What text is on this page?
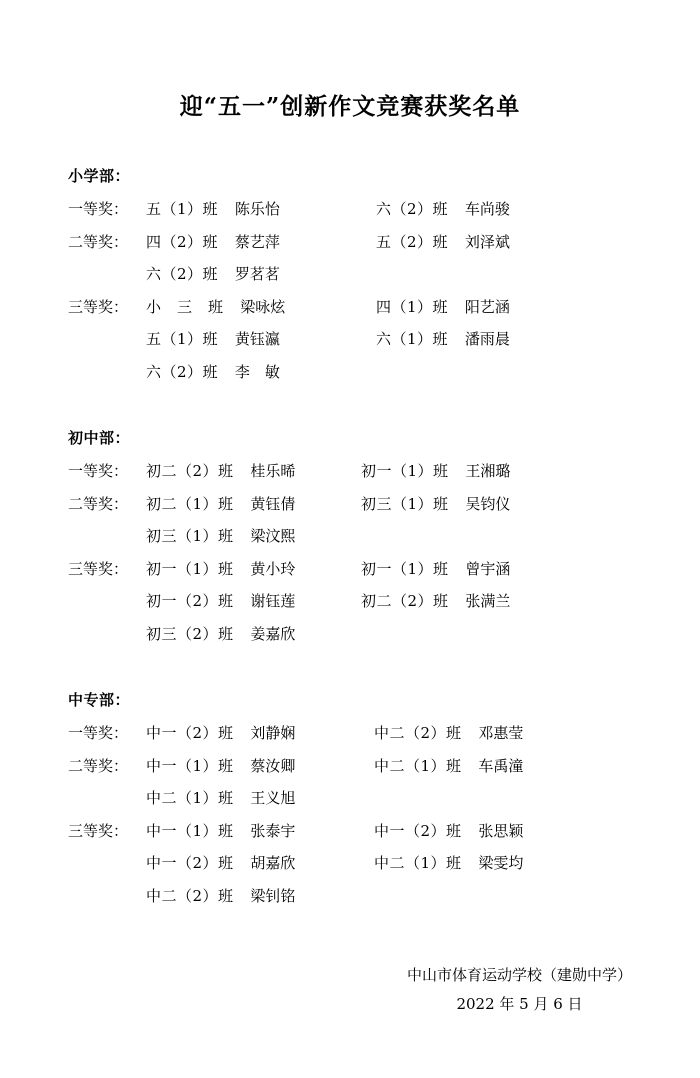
迎“五一”创新作文竞赛获奖名单
小学部：
一等奖：	五（1）班 陈乐怡	六（2）班 车尚骏
二等奖：	四（2）班 蔡艺萍	五（2）班 刘泽斌
六（2）班 罗茗茗
三等奖：	小　三　班 梁咏炫	四（1）班 阳艺涵
五（1）班 黄钰瀛	六（1）班 潘雨晨
六（2）班 李　敏
初中部：
一等奖：	初二（2）班 桂乐晞	初一（1）班 王湘璐
二等奖：	初二（1）班 黄钰倩	初三（1）班 吴钧仪
初三（1）班 梁汶熙
三等奖：	初一（1）班 黄小玲	初一（1）班 曾宇涵
初一（2）班 谢钰莲	初二（2）班 张满兰
初三（2）班 姜嘉欣
中专部：
一等奖：	中一（2）班 刘静娴	中二（2）班 邓惠莹
二等奖：	中一（1）班 蔡汝卿	中二（1）班 车禹潼
中二（1）班 王义旭
三等奖：	中一（1）班 张泰宇	中一（2）班 张思颖
中一（2）班 胡嘉欣	中二（1）班 梁雯均
中二（2）班 梁钊铭
中山市体育运动学校（建勋中学）
2022 年 5 月 6 日
